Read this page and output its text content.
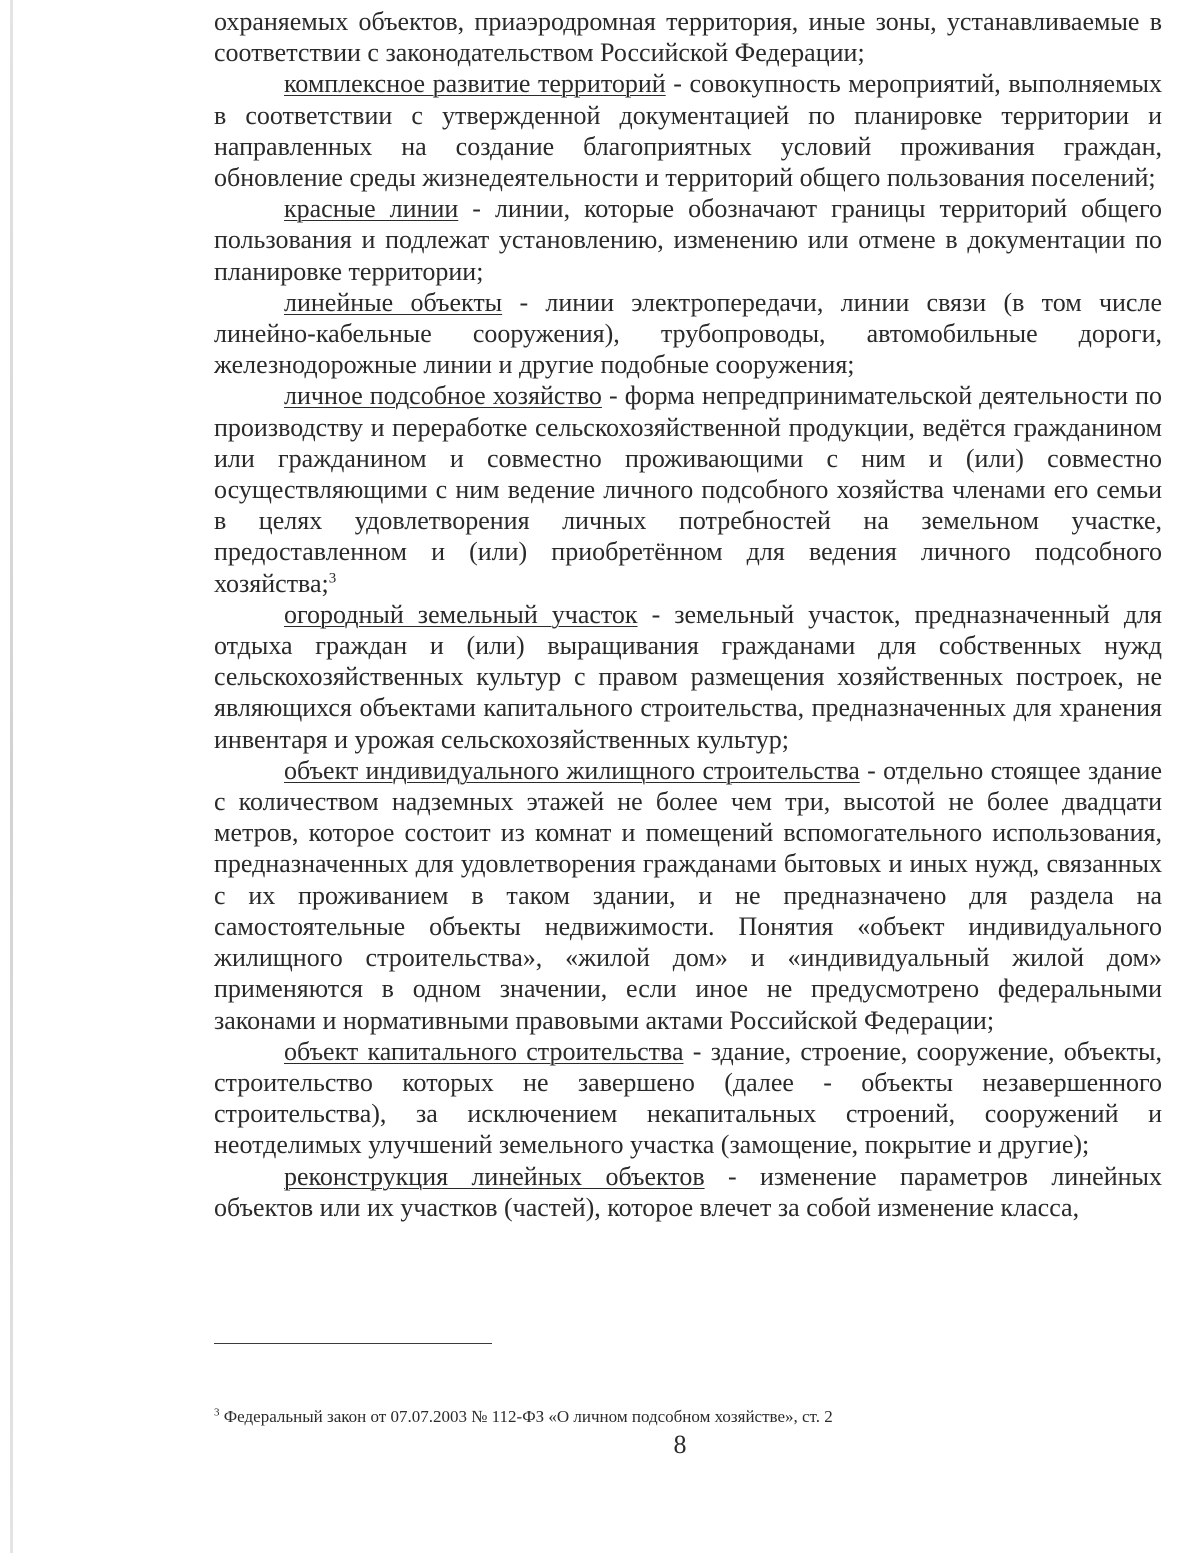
охраняемых объектов, приаэродромная территория, иные зоны, устанавливаемые в соответствии с законодательством Российской Федерации;

комплексное развитие территорий - совокупность мероприятий, выполняемых в соответствии с утвержденной документацией по планировке территории и направленных на создание благоприятных условий проживания граждан, обновление среды жизнедеятельности и территорий общего пользования поселений;

красные линии - линии, которые обозначают границы территорий общего пользования и подлежат установлению, изменению или отмене в документации по планировке территории;

линейные объекты - линии электропередачи, линии связи (в том числе линейно-кабельные сооружения), трубопроводы, автомобильные дороги, железнодорожные линии и другие подобные сооружения;

личное подсобное хозяйство - форма непредпринимательской деятельности по производству и переработке сельскохозяйственной продукции, ведётся гражданином или гражданином и совместно проживающими с ним и (или) совместно осуществляющими с ним ведение личного подсобного хозяйства членами его семьи в целях удовлетворения личных потребностей на земельном участке, предоставленном и (или) приобретённом для ведения личного подсобного хозяйства;$^3$

огородный земельный участок - земельный участок, предназначенный для отдыха граждан и (или) выращивания гражданами для собственных нужд сельскохозяйственных культур с правом размещения хозяйственных построек, не являющихся объектами капитального строительства, предназначенных для хранения инвентаря и урожая сельскохозяйственных культур;

объект индивидуального жилищного строительства - отдельно стоящее здание с количеством надземных этажей не более чем три, высотой не более двадцати метров, которое состоит из комнат и помещений вспомогательного использования, предназначенных для удовлетворения гражданами бытовых и иных нужд, связанных с их проживанием в таком здании, и не предназначено для раздела на самостоятельные объекты недвижимости. Понятия «объект индивидуального жилищного строительства», «жилой дом» и «индивидуальный жилой дом» применяются в одном значении, если иное не предусмотрено федеральными законами и нормативными правовыми актами Российской Федерации;

объект капитального строительства - здание, строение, сооружение, объекты, строительство которых не завершено (далее - объекты незавершенного строительства), за исключением некапитальных строений, сооружений и неотделимых улучшений земельного участка (замощение, покрытие и другие);

реконструкция линейных объектов - изменение параметров линейных объектов или их участков (частей), которое влечет за собой изменение класса,

$^3$ Федеральный закон от 07.07.2003 № 112-ФЗ «О личном подсобном хозяйстве», ст. 2
8
